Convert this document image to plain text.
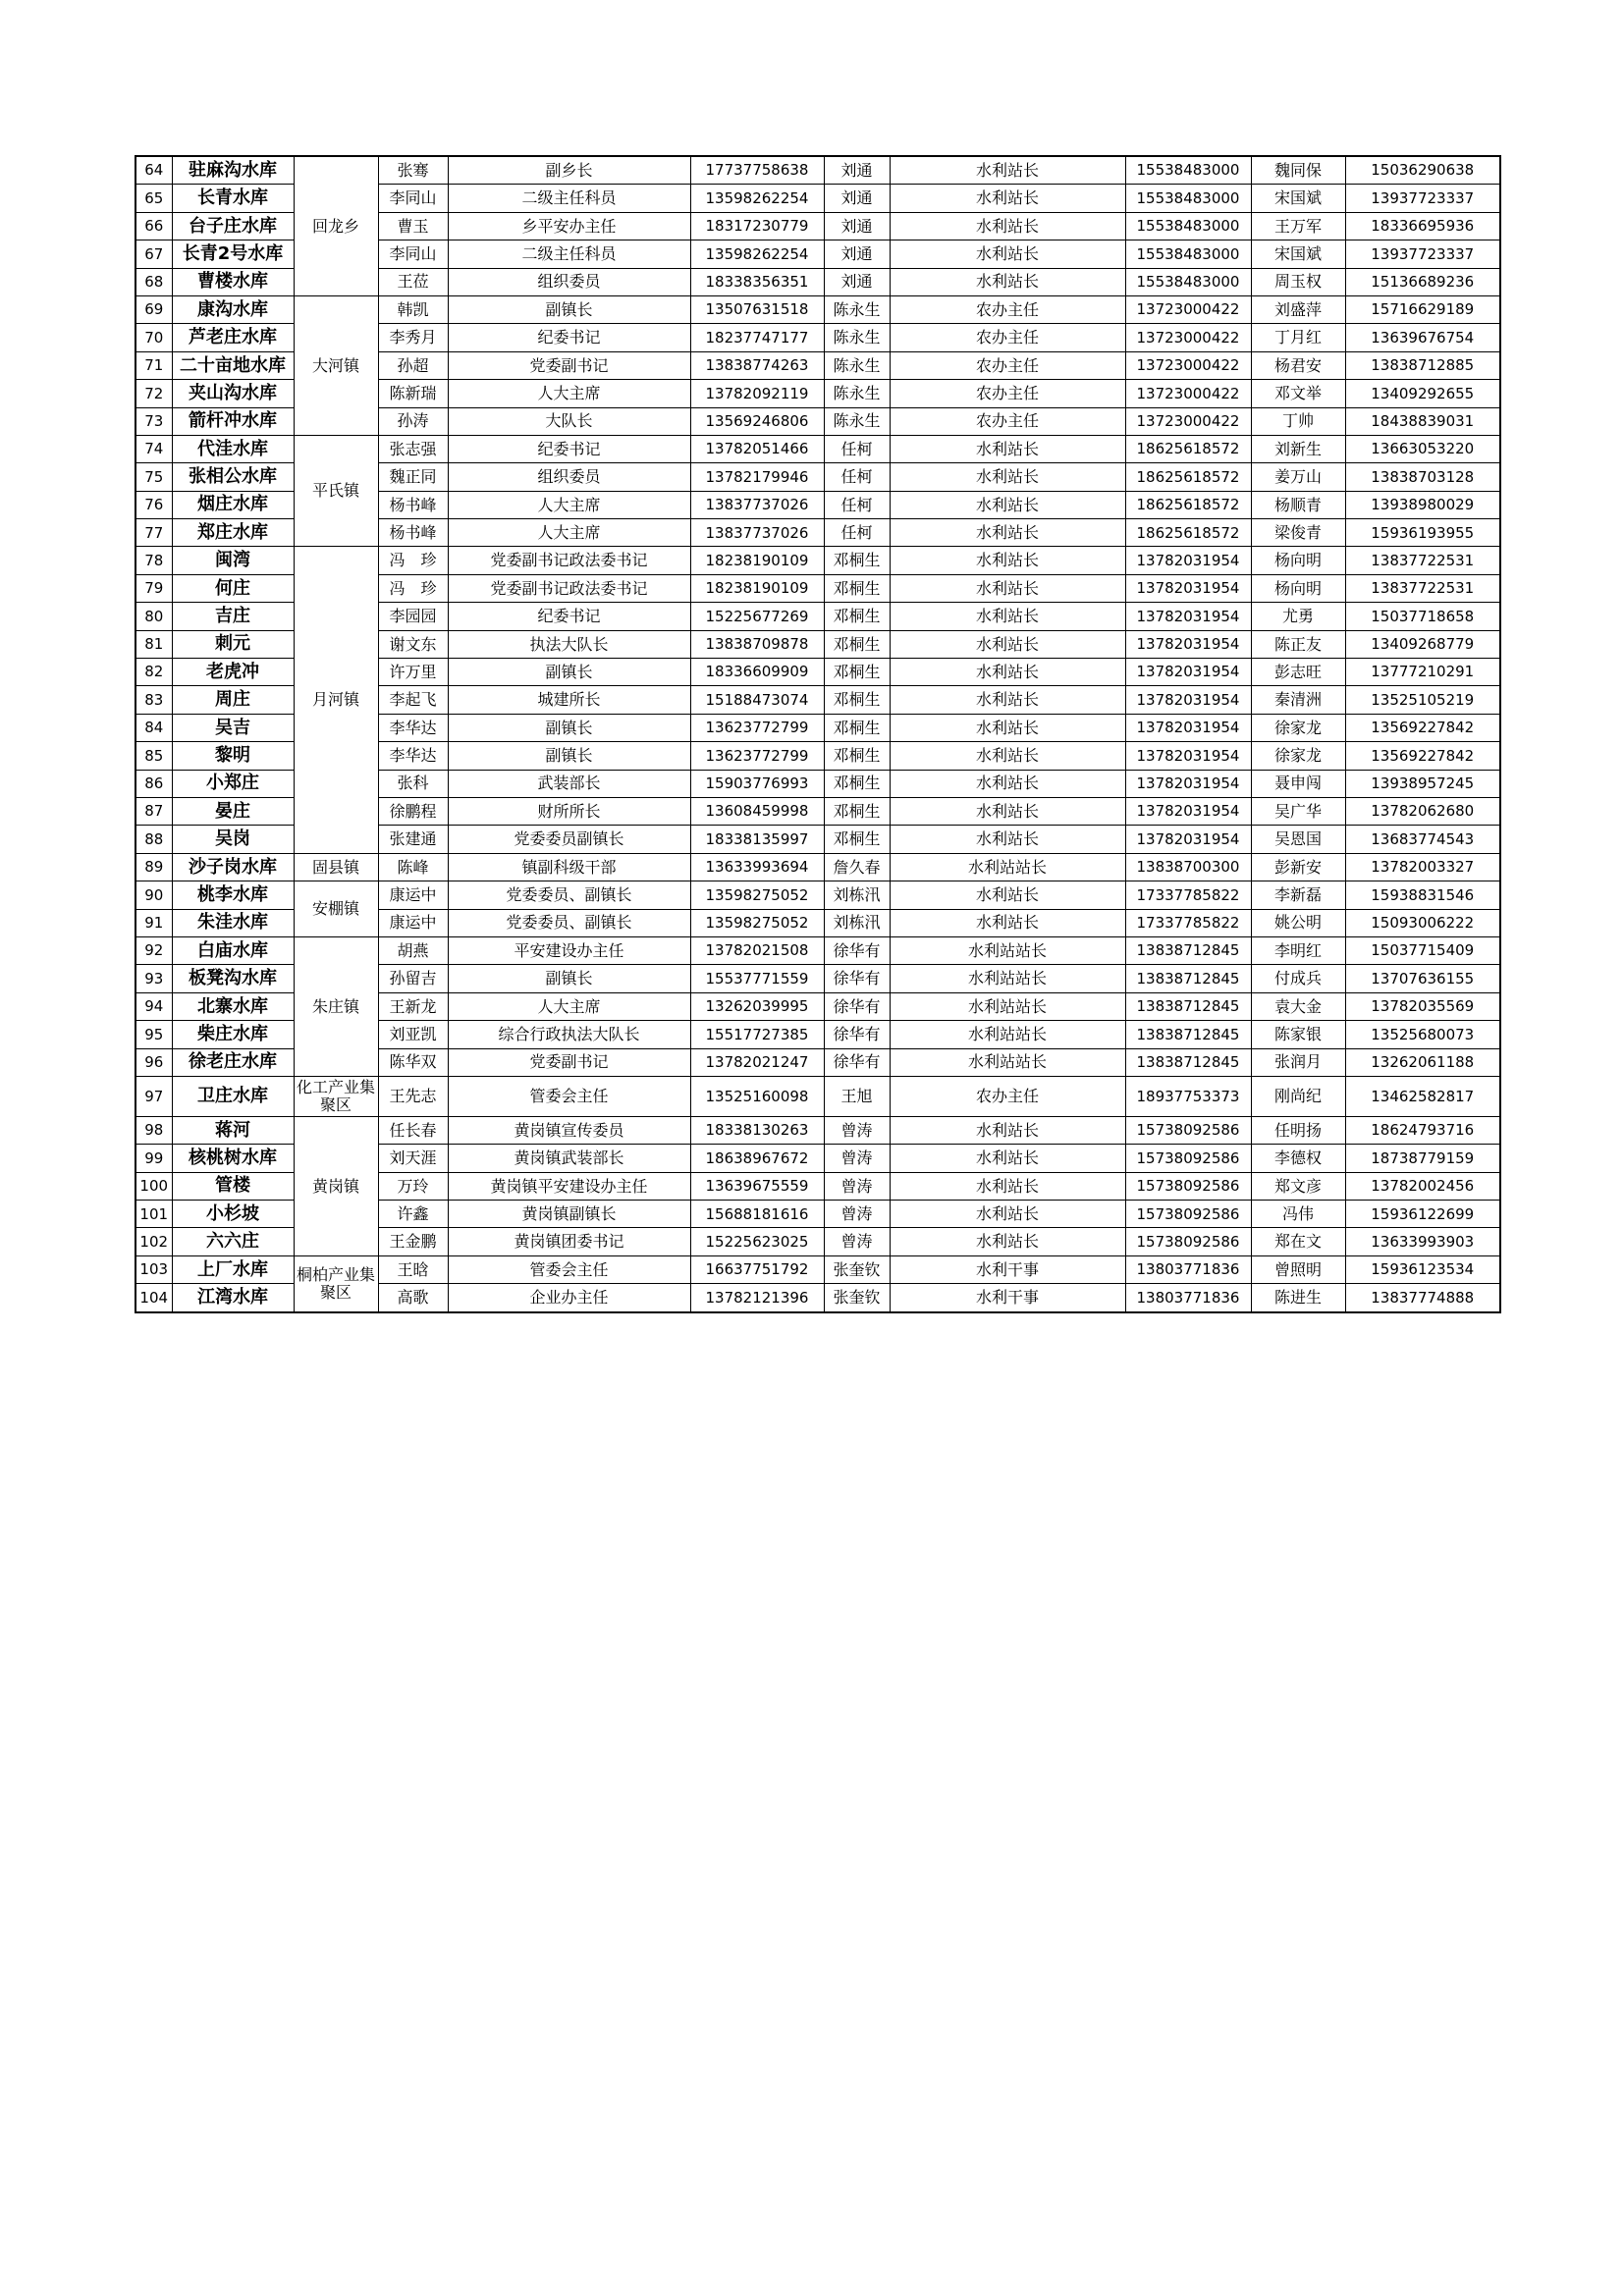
64	驻麻沟水库	回龙乡	张骞	副乡长	17737758638	刘通	水利站长	15538483000	魏同保	15036290638
65	长青水库		李同山	二级主任科员	13598262254	刘通	水利站长	15538483000	宋国斌	13937723337
66	台子庄水库		曹玉	乡平安办主任	18317230779	刘通	水利站长	15538483000	王万军	18336695936
67	长青2号水库		李同山	二级主任科员	13598262254	刘通	水利站长	15538483000	宋国斌	13937723337
68	曹楼水库		王莅	组织委员	18338356351	刘通	水利站长	15538483000	周玉权	15136689236
69	康沟水库	大河镇	韩凯	副镇长	13507631518	陈永生	农办主任	13723000422	刘盛萍	15716629189
70	芦老庄水库		李秀月	纪委书记	18237747177	陈永生	农办主任	13723000422	丁月红	13639676754
71	二十亩地水库		孙超	党委副书记	13838774263	陈永生	农办主任	13723000422	杨君安	13838712885
72	夹山沟水库		陈新瑞	人大主席	13782092119	陈永生	农办主任	13723000422	邓文举	13409292655
73	箭杆冲水库		孙涛	大队长	13569246806	陈永生	农办主任	13723000422	丁帅	18438839031
74	代洼水库	平氏镇	张志强	纪委书记	13782051466	任柯	水利站长	18625618572	刘新生	13663053220
75	张相公水库		魏正同	组织委员	13782179946	任柯	水利站长	18625618572	姜万山	13838703128
76	烟庄水库		杨书峰	人大主席	13837737026	任柯	水利站长	18625618572	杨顺青	13938980029
77	郑庄水库		杨书峰	人大主席	13837737026	任柯	水利站长	18625618572	梁俊青	15936193955
78	闽湾	月河镇	冯　珍	党委副书记政法委书记	18238190109	邓桐生	水利站长	13782031954	杨向明	13837722531
79	何庄		冯　珍	党委副书记政法委书记	18238190109	邓桐生	水利站长	13782031954	杨向明	13837722531
80	吉庄		李园园	纪委书记	15225677269	邓桐生	水利站长	13782031954	尤勇	15037718658
81	刺元		谢文东	执法大队长	13838709878	邓桐生	水利站长	13782031954	陈正友	13409268779
82	老虎冲		许万里	副镇长	18336609909	邓桐生	水利站长	13782031954	彭志旺	13777210291
83	周庄		李起飞	城建所长	15188473074	邓桐生	水利站长	13782031954	秦清洲	13525105219
84	吴吉		李华达	副镇长	13623772799	邓桐生	水利站长	13782031954	徐家龙	13569227842
85	黎明		李华达	副镇长	13623772799	邓桐生	水利站长	13782031954	徐家龙	13569227842
86	小郑庄		张科	武装部长	15903776993	邓桐生	水利站长	13782031954	聂申闯	13938957245
87	晏庄		徐鹏程	财所所长	13608459998	邓桐生	水利站长	13782031954	吴广华	13782062680
88	吴岗		张建通	党委委员副镇长	18338135997	邓桐生	水利站长	13782031954	吴恩国	13683774543
89	沙子岗水库	固县镇	陈峰	镇副科级干部	13633993694	詹久春	水利站站长	13838700300	彭新安	13782003327
90	桃李水库	安棚镇	康运中	党委委员、副镇长	13598275052	刘栋汛	水利站长	17337785822	李新磊	15938831546
91	朱洼水库		康运中	党委委员、副镇长	13598275052	刘栋汛	水利站长	17337785822	姚公明	15093006222
92	白庙水库	朱庄镇	胡燕	平安建设办主任	13782021508	徐华有	水利站站长	13838712845	李明红	15037715409
93	板凳沟水库		孙留吉	副镇长	15537771559	徐华有	水利站站长	13838712845	付成兵	13707636155
94	北寨水库		王新龙	人大主席	13262039995	徐华有	水利站站长	13838712845	袁大金	13782035569
95	柴庄水库		刘亚凯	综合行政执法大队长	15517727385	徐华有	水利站站长	13838712845	陈家银	13525680073
96	徐老庄水库		陈华双	党委副书记	13782021247	徐华有	水利站站长	13838712845	张润月	13262061188
97	卫庄水库	化工产业集聚区	王先志	管委会主任	13525160098	王旭	农办主任	18937753373	刚尚纪	13462582817
98	蒋河	黄岗镇	任长春	黄岗镇宣传委员	18338130263	曾涛	水利站长	15738092586	任明扬	18624793716
99	核桃树水库		刘天涯	黄岗镇武装部长	18638967672	曾涛	水利站长	15738092586	李德权	18738779159
100	管楼		万玲	黄岗镇平安建设办主任	13639675559	曾涛	水利站长	15738092586	郑文彦	13782002456
101	小杉坡		许鑫	黄岗镇副镇长	15688181616	曾涛	水利站长	15738092586	冯伟	15936122699
102	六六庄		王金鹏	黄岗镇团委书记	15225623025	曾涛	水利站长	15738092586	郑在文	13633993903
103	上厂水库	桐柏产业集聚区	王晗	管委会主任	16637751792	张奎钦	水利干事	13803771836	曾照明	15936123534
104	江湾水库		高歌	企业办主任	13782121396	张奎钦	水利干事	13803771836	陈进生	13837774888
